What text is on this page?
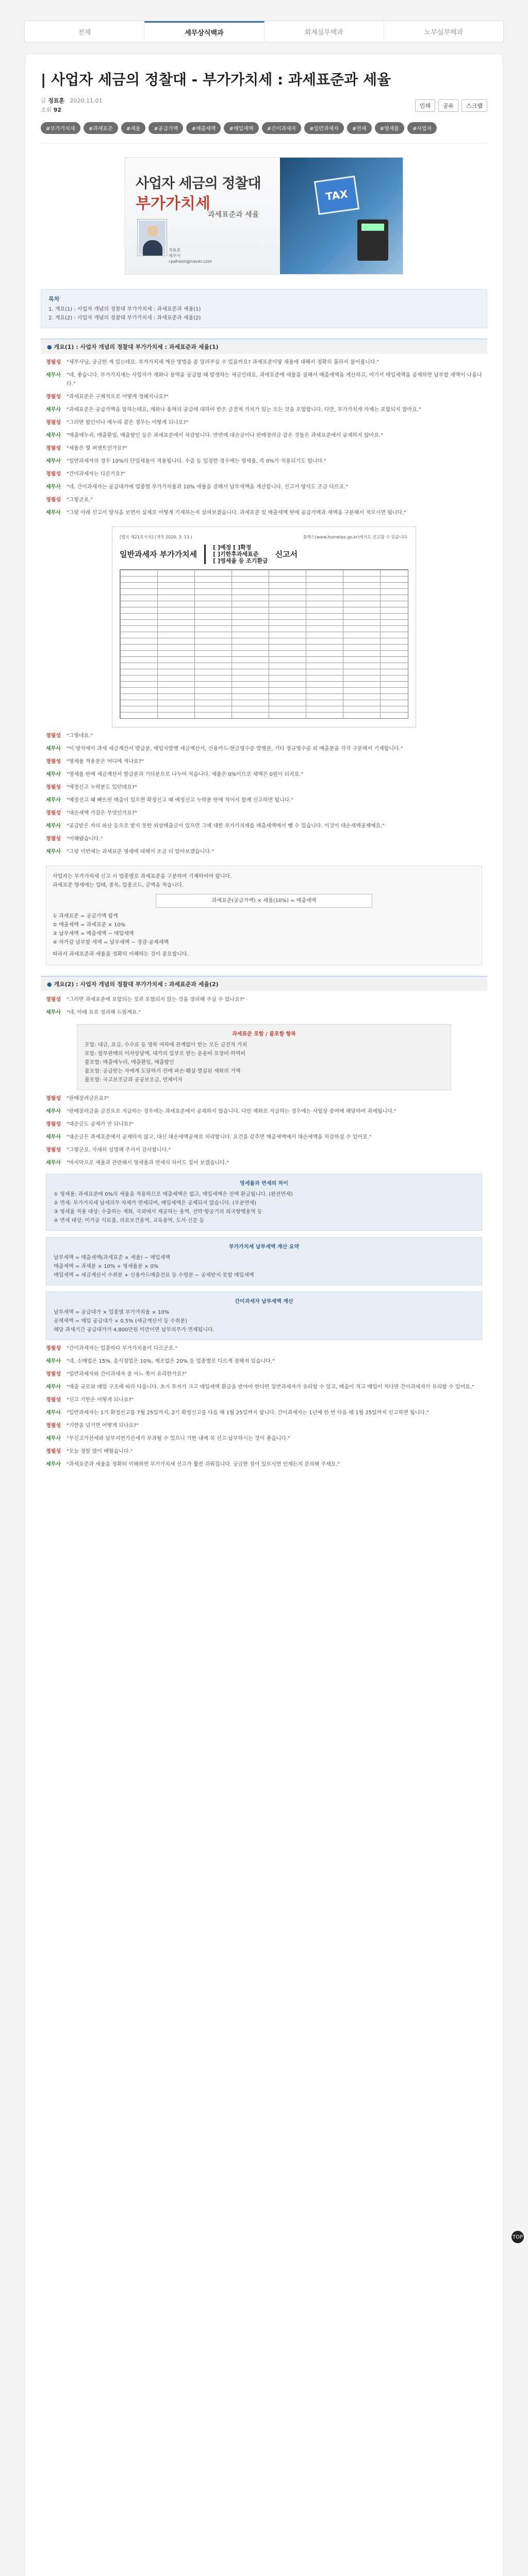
전체	세무상식백과	회계실무백과	노무실무백과
| 사업자 세금의 정찰대 - 부가가치세 : 과세표준과 세율
글 정표훈 2020.11.01
조회 92
인쇄	공유	스크랩
#부가가치세	#과세표준	#세율	#공급가액	#매출세액	#매입세액	#간이과세자	#일반과세자	#면세	#영세율	#사업자
사업자 세금의 정찰대
부가가치세
과세표준과 세율
정표훈
세무사
cpahoon@naver.com
TAX
목차
1. 개요(1) : 사업자 개념의 정찰대 부가가치세 : 과세표준과 세율(1)
2. 개요(2) : 사업자 개념의 정찰대 부가가치세 : 과세표준과 세율(2)
● 개요(1) : 사업자 개념의 정찰대 부가가치세 : 과세표준과 세율(1)
정필성	"세무사님, 궁금한 게 있는데요. 부가가치세 계산 방법을 좀 알려주실 수 있을까요? 과세표준이랑 세율에 대해서 정확히 몰라서 물어봅니다."
세무사	"네, 좋습니다. 부가가치세는 사업자가 재화나 용역을 공급할 때 발생하는 세금인데요. 과세표준에 세율을 곱해서 매출세액을 계산하고, 여기서 매입세액을 공제하면 납부할 세액이 나옵니다."
정필성	"과세표준은 구체적으로 어떻게 정해지나요?"
세무사	"과세표준은 공급가액을 말하는데요, 재화나 용역의 공급에 대하여 받은 금전적 가치가 있는 모든 것을 포함합니다. 다만, 부가가치세 자체는 포함되지 않아요."
정필성	"그러면 할인이나 에누리 같은 경우는 어떻게 되나요?"
세무사	"매출에누리, 매출환입, 매출할인 등은 과세표준에서 차감합니다. 반면에 대손금이나 판매장려금 같은 것들은 과세표준에서 공제하지 않아요."
정필성	"세율은 몇 퍼센트인가요?"
세무사	"일반과세자의 경우 10%의 단일세율이 적용됩니다. 수출 등 일정한 경우에는 영세율, 즉 0%가 적용되기도 합니다."
정필성	"간이과세자는 다른가요?"
세무사	"네. 간이과세자는 공급대가에 업종별 부가가치율과 10% 세율을 곱해서 납부세액을 계산합니다. 신고서 양식도 조금 다르죠."
정필성	"그렇군요."
세무사	"그럼 아래 신고서 양식을 보면서 실제로 어떻게 기재하는지 살펴보겠습니다. 과세표준 및 매출세액 란에 공급가액과 세액을 구분해서 적으시면 됩니다."
[별지 제21호서식] (개정 2020. 3. 13.)	홈택스(www.hometax.go.kr)에서도 신고할 수 있습니다.
일반과세자 부가가치세
[ ]예정 [ ]확정
[ ]기한후과세표준
[ ]영세율 등 조기환급
신고서
정필성	"그렇네요."
세무사	"이 양식에서 과세 세금계산서 발급분, 매입자발행 세금계산서, 신용카드·현금영수증 발행분, 기타 정규영수증 외 매출분을 각각 구분해서 기재합니다."
정필성	"영세율 적용분은 어디에 적나요?"
세무사	"영세율 란에 세금계산서 발급분과 기타분으로 나누어 적습니다. 세율은 0%이므로 세액은 0원이 되지요."
정필성	"예정신고 누락분도 있던데요?"
세무사	"예정신고 때 빠뜨린 매출이 있으면 확정신고 때 예정신고 누락분 란에 적어서 함께 신고하면 됩니다."
정필성	"대손세액 가감은 무엇인가요?"
세무사	"공급받은 자의 파산 등으로 받지 못한 외상매출금이 있으면 그에 대한 부가가치세를 매출세액에서 뺄 수 있습니다. 이것이 대손세액공제예요."
정필성	"이해됐습니다."
세무사	"그럼 이번에는 과세표준 명세에 대해서 조금 더 알아보겠습니다."
사업자는 부가가치세 신고 시 업종별로 과세표준을 구분하여 기재하여야 합니다.
과세표준 명세에는 업태, 종목, 업종코드, 금액을 적습니다.
과세표준(공급가액) × 세율(10%) = 매출세액
① 과세표준 = 공급가액 합계
② 매출세액 = 과세표준 × 10%
③ 납부세액 = 매출세액 − 매입세액
④ 차가감 납부할 세액 = 납부세액 − 경감·공제세액
따라서 과세표준과 세율을 정확히 이해하는 것이 중요합니다.
● 개요(2) : 사업자 개념의 정찰대 부가가치세 : 과세표준과 세율(2)
정필성	"그러면 과세표준에 포함되는 것과 포함되지 않는 것을 정리해 주실 수 있나요?"
세무사	"네, 아래 표로 정리해 드릴게요."
과세표준 포함 / 불포함 항목
포함: 대금, 요금, 수수료 등 명목 여하에 관계없이 받는 모든 금전적 가치
포함: 할부판매의 이자상당액, 대가의 일부로 받는 운송비·포장비·하역비
불포함: 매출에누리, 매출환입, 매출할인
불포함: 공급받는 자에게 도달하기 전에 파손·훼실·멸실된 재화의 가액
불포함: 국고보조금과 공공보조금, 연체이자
정필성	"판매장려금은요?"
세무사	"판매장려금을 금전으로 지급하는 경우에는 과세표준에서 공제하지 않습니다. 다만 재화로 지급하는 경우에는 사업상 증여에 해당하여 과세됩니다."
정필성	"대손금도 공제가 안 되나요?"
세무사	"대손금은 과세표준에서 공제하지 않고, 대신 대손세액공제로 처리합니다. 요건을 갖추면 매출세액에서 대손세액을 차감하실 수 있어요."
정필성	"그렇군요. 자세히 설명해 주셔서 감사합니다."
세무사	"마지막으로 세율과 관련해서 영세율과 면세의 차이도 짚어 보겠습니다."
영세율과 면세의 차이
① 영세율: 과세표준에 0%의 세율을 적용하므로 매출세액은 없고, 매입세액은 전액 환급됩니다. (완전면세)
② 면세: 부가가치세 납세의무 자체가 면제되며, 매입세액은 공제되지 않습니다. (부분면세)
③ 영세율 적용 대상: 수출하는 재화, 국외에서 제공하는 용역, 선박·항공기의 외국항행용역 등
④ 면세 대상: 미가공 식료품, 의료보건용역, 교육용역, 도서·신문 등
부가가치세 납부세액 계산 요약
납부세액 = 매출세액(과세표준 × 세율) − 매입세액
매출세액 = 과세분 × 10% + 영세율분 × 0%
매입세액 = 세금계산서 수취분 + 신용카드매출전표 등 수령분 − 공제받지 못할 매입세액
간이과세자 납부세액 계산
납부세액 = 공급대가 × 업종별 부가가치율 × 10%
공제세액 = 매입 공급대가 × 0.5% (세금계산서 등 수취분)
해당 과세기간 공급대가가 4,800만원 미만이면 납부의무가 면제됩니다.
정필성	"간이과세자는 업종마다 부가가치율이 다르군요."
세무사	"네, 소매업은 15%, 음식점업은 10%, 제조업은 20% 등 업종별로 다르게 정해져 있습니다."
정필성	"일반과세자와 간이과세자 중 어느 쪽이 유리한가요?"
세무사	"매출 규모와 매입 구조에 따라 다릅니다. 초기 투자가 크고 매입세액 환급을 받아야 한다면 일반과세자가 유리할 수 있고, 매출이 적고 매입이 적다면 간이과세자가 유리할 수 있어요."
정필성	"신고 기한은 어떻게 되나요?"
세무사	"일반과세자는 1기 확정신고를 7월 25일까지, 2기 확정신고를 다음 해 1월 25일까지 합니다. 간이과세자는 1년에 한 번 다음 해 1월 25일까지 신고하면 됩니다."
정필성	"기한을 넘기면 어떻게 되나요?"
세무사	"무신고가산세와 납부지연가산세가 부과될 수 있으니 기한 내에 꼭 신고·납부하시는 것이 좋습니다."
정필성	"오늘 정말 많이 배웠습니다."
세무사	"과세표준과 세율을 정확히 이해하면 부가가치세 신고가 훨씬 쉬워집니다. 궁금한 점이 있으시면 언제든지 문의해 주세요."
TOP
